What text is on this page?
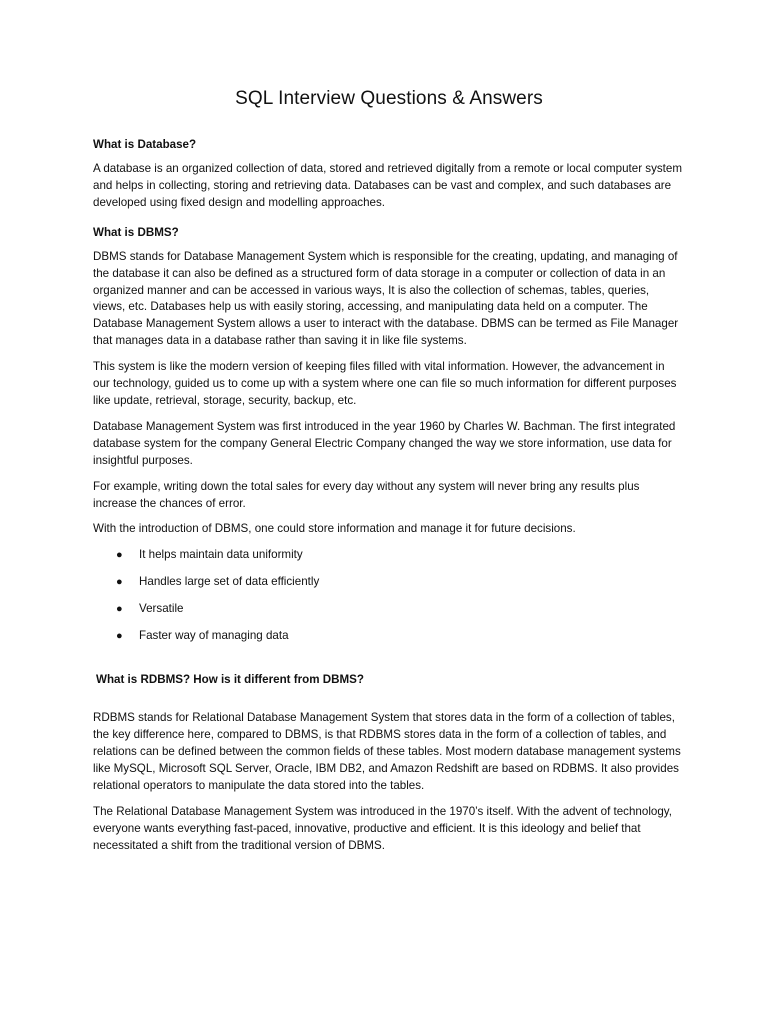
SQL Interview Questions & Answers
What is Database?

A database is an organized collection of data, stored and retrieved digitally from a remote or local computer system and helps in collecting, storing and retrieving data. Databases can be vast and complex, and such databases are developed using fixed design and modelling approaches.

What is DBMS?

DBMS stands for Database Management System which is responsible for the creating, updating, and managing of the database it can also be defined as a structured form of data storage in a computer or collection of data in an organized manner and can be accessed in various ways, It is also the collection of schemas, tables, queries, views, etc. Databases help us with easily storing, accessing, and manipulating data held on a computer. The Database Management System allows a user to interact with the database. DBMS can be termed as File Manager that manages data in a database rather than saving it in like file systems.

This system is like the modern version of keeping files filled with vital information. However, the advancement in our technology, guided us to come up with a system where one can file so much information for different purposes like update, retrieval, storage, security, backup, etc.

Database Management System was first introduced in the year 1960 by Charles W. Bachman. The first integrated database system for the company General Electric Company changed the way we store information, use data for insightful purposes.

For example, writing down the total sales for every day without any system will never bring any results plus increase the chances of error.

With the introduction of DBMS, one could store information and manage it for future decisions.

● It helps maintain data uniformity
● Handles large set of data efficiently
● Versatile
● Faster way of managing data
What is RDBMS? How is it different from DBMS?

RDBMS stands for Relational Database Management System that stores data in the form of a collection of tables, the key difference here, compared to DBMS, is that RDBMS stores data in the form of a collection of tables, and relations can be defined between the common fields of these tables. Most modern database management systems like MySQL, Microsoft SQL Server, Oracle, IBM DB2, and Amazon Redshift are based on RDBMS. It also provides relational operators to manipulate the data stored into the tables.

The Relational Database Management System was introduced in the 1970’s itself. With the advent of technology, everyone wants everything fast-paced, innovative, productive and efficient. It is this ideology and belief that necessitated a shift from the traditional version of DBMS.
